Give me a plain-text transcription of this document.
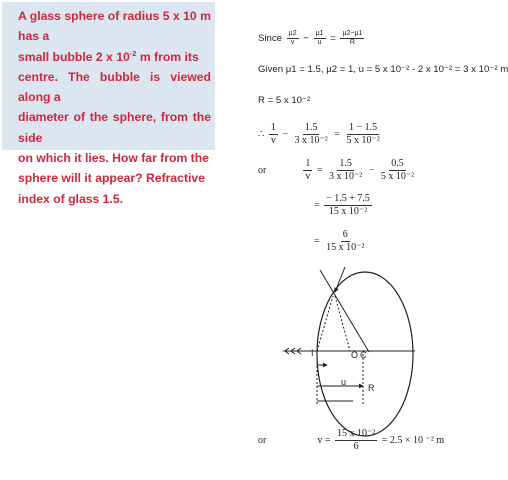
A glass sphere of radius 5 x 10 m has a
small bubble 2 x $10^{-2}$ m from its
centre. The bubble is viewed along a
diameter of the sphere, from the side
on which it lies. How far from the
sphere will it appear? Refractive
index of glass 1.5.
Since $\frac{\mu 2}{v} - \frac{\mu 1}{u} = \frac{\mu 2-\mu 1}{R}$
Given μ1 = 1.5, μ2 = 1, u = 5 x 10⁻² - 2 x 10⁻² = 3 x 10⁻² m
R = 5 x 10⁻²
∴ $\frac{1}{v} - \frac{1.5}{\text{3 x 10⁻²}} = \frac{1 - 1.5}{\text{5 x 10⁻²}}$
or	$\frac{1}{v} = \frac{1.5}{\text{3 x 10⁻²}} - \frac{0.5}{\text{5 x 10⁻²}}$
= $\frac{- 1.5 + 7.5}{\text{15 x 10⁻²}}$
= $\frac{6}{\text{15 x 10⁻²}}$
I	O C
u
R
or	$v = \frac{\text{15 x 10⁻²}}{6} = 2.5 \times 10$ ⁻² m
